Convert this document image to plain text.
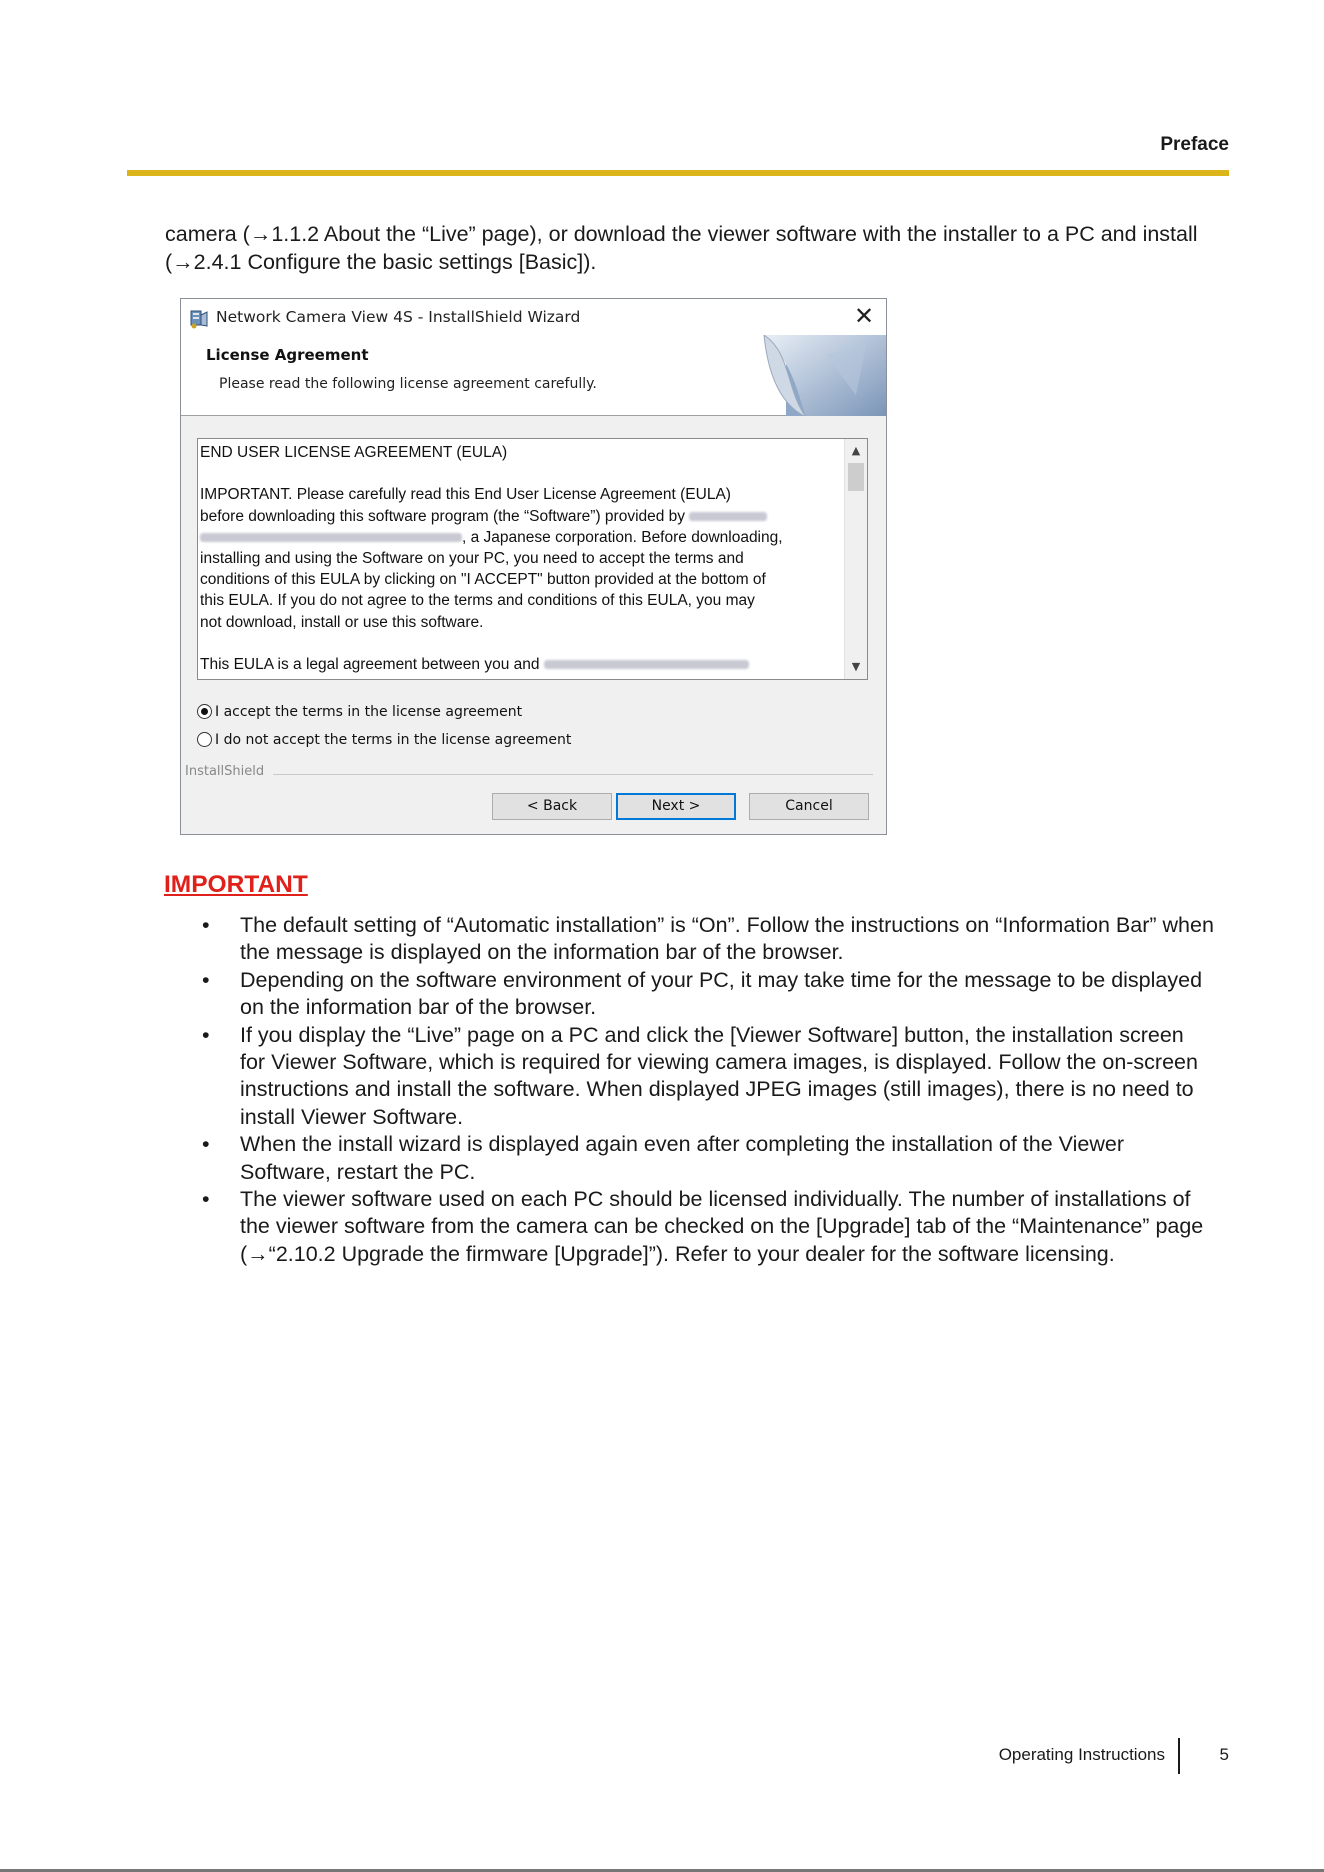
Preface
camera (→1.1.2 About the “Live” page), or download the viewer software with the installer to a PC and install
(→2.4.1 Configure the basic settings [Basic]).
Network Camera View 4S - InstallShield Wizard	✕
License Agreement
Please read the following license agreement carefully.
END USER LICENSE AGREEMENT (EULA)
IMPORTANT. Please carefully read this End User License Agreement (EULA)
before downloading this software program (the “Software”) provided by
, a Japanese corporation. Before downloading,
installing and using the Software on your PC, you need to accept the terms and
conditions of this EULA by clicking on "I ACCEPT" button provided at the bottom of
this EULA. If you do not agree to the terms and conditions of this EULA, you may
not download, install or use this software.
This EULA is a legal agreement between you and
▲
▼
I accept the terms in the license agreement
I do not accept the terms in the license agreement
InstallShield
< Back	Next >	Cancel
IMPORTANT
• The default setting of “Automatic installation” is “On”. Follow the instructions on “Information Bar” when
the message is displayed on the information bar of the browser.
• Depending on the software environment of your PC, it may take time for the message to be displayed
on the information bar of the browser.
• If you display the “Live” page on a PC and click the [Viewer Software] button, the installation screen
for Viewer Software, which is required for viewing camera images, is displayed. Follow the on-screen
instructions and install the software. When displayed JPEG images (still images), there is no need to
install Viewer Software.
• When the install wizard is displayed again even after completing the installation of the Viewer
Software, restart the PC.
• The viewer software used on each PC should be licensed individually. The number of installations of
the viewer software from the camera can be checked on the [Upgrade] tab of the “Maintenance” page
(→“2.10.2 Upgrade the firmware [Upgrade]”). Refer to your dealer for the software licensing.
Operating Instructions	5
